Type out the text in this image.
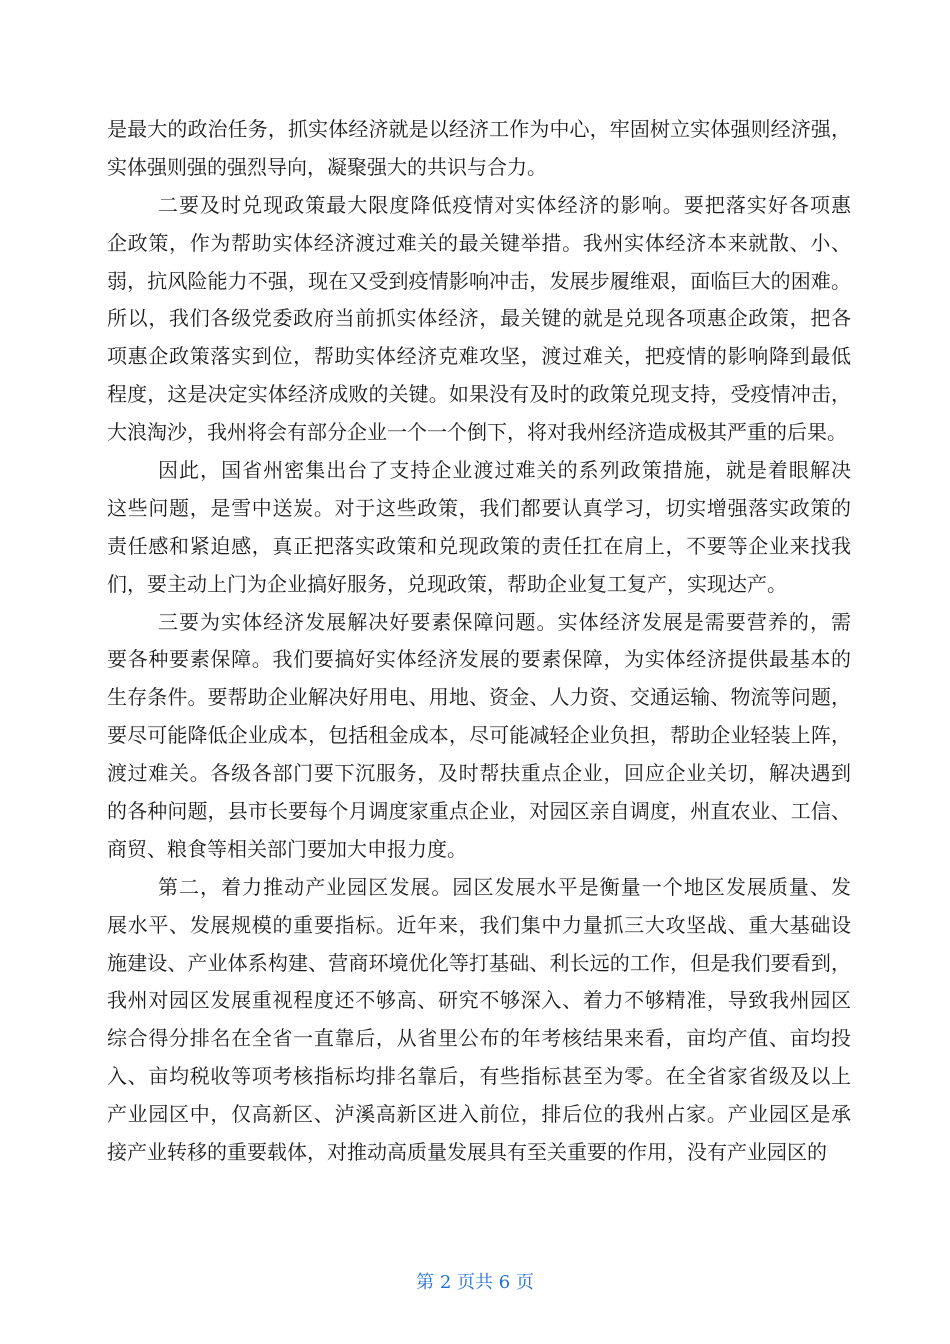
是最大的政治任务，抓实体经济就是以经济工作为中心，牢固树立实体强则经济强，
实体强则强的强烈导向，凝聚强大的共识与合力。
二要及时兑现政策最大限度降低疫情对实体经济的影响。要把落实好各项惠
企政策，作为帮助实体经济渡过难关的最关键举措。我州实体经济本来就散、小、
弱，抗风险能力不强，现在又受到疫情影响冲击，发展步履维艰，面临巨大的困难。
所以，我们各级党委政府当前抓实体经济，最关键的就是兑现各项惠企政策，把各
项惠企政策落实到位，帮助实体经济克难攻坚，渡过难关，把疫情的影响降到最低
程度，这是决定实体经济成败的关键。如果没有及时的政策兑现支持，受疫情冲击，
大浪淘沙，我州将会有部分企业一个一个倒下，将对我州经济造成极其严重的后果。
因此，国省州密集出台了支持企业渡过难关的系列政策措施，就是着眼解决
这些问题，是雪中送炭。对于这些政策，我们都要认真学习，切实增强落实政策的
责任感和紧迫感，真正把落实政策和兑现政策的责任扛在肩上，不要等企业来找我
们，要主动上门为企业搞好服务，兑现政策，帮助企业复工复产，实现达产。
三要为实体经济发展解决好要素保障问题。实体经济发展是需要营养的，需
要各种要素保障。我们要搞好实体经济发展的要素保障，为实体经济提供最基本的
生存条件。要帮助企业解决好用电、用地、资金、人力资、交通运输、物流等问题，
要尽可能降低企业成本，包括租金成本，尽可能减轻企业负担，帮助企业轻装上阵，
渡过难关。各级各部门要下沉服务，及时帮扶重点企业，回应企业关切，解决遇到
的各种问题，县市长要每个月调度家重点企业，对园区亲自调度，州直农业、工信、
商贸、粮食等相关部门要加大申报力度。
第二，着力推动产业园区发展。园区发展水平是衡量一个地区发展质量、发
展水平、发展规模的重要指标。近年来，我们集中力量抓三大攻坚战、重大基础设
施建设、产业体系构建、营商环境优化等打基础、利长远的工作，但是我们要看到，
我州对园区发展重视程度还不够高、研究不够深入、着力不够精准，导致我州园区
综合得分排名在全省一直靠后，从省里公布的年考核结果来看，亩均产值、亩均投
入、亩均税收等项考核指标均排名靠后，有些指标甚至为零。在全省家省级及以上
产业园区中，仅高新区、泸溪高新区进入前位，排后位的我州占家。产业园区是承
接产业转移的重要载体，对推动高质量发展具有至关重要的作用，没有产业园区的
第 2 页共 6 页
